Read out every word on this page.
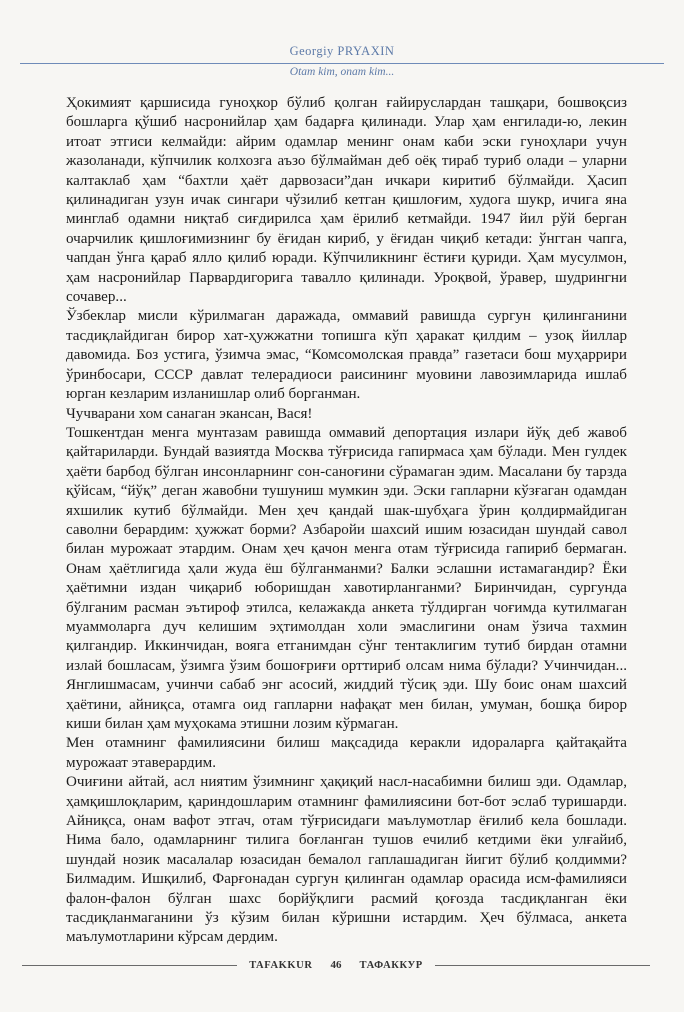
Georgiy PRYAXIN
Otam kim, onam kim...

Ҳокимият қаршисида гуноҳкор бўлиб қолган ғайируслардан ташқари, бошвоқсиз бошларга қўшиб насронийлар ҳам бадарға қилинади. Улар ҳам енгилади-ю, лекин итоат этгиси келмайди: айрим одамлар менинг онам каби эски гуноҳлари учун жазоланади, кўпчилик колхозга аъзо бўлмайман деб оёқ тираб туриб олади – уларни калтаклаб ҳам “бахтли ҳаёт дарвозаси”дан ичкари киритиб бўлмайди. Ҳасип қилинадиган узун ичак сингари чўзилиб кетган қишлоғим, худога шукр, ичига яна минглаб одамни ниқтаб сиғдирилса ҳам ёрилиб кетмайди. 1947 йил рўй берган очарчилик қишлоғимизнинг бу ёғидан кириб, у ёғидан чиқиб кетади: ўнгган чапга, чапдан ўнга қараб ялло қилиб юради. Кўпчиликнинг ёстиғи қуриди. Ҳам мусулмон, ҳам насронийлар Парвардигорига таваллo қилинади. Уроқвой, ўравер, шудрингни сочавер...

Ўзбеклар мисли кўрилмаган даражада, оммавий равишда сургун қилинганини тасдиқлайдиган бирор хат-ҳужжатни топишга кўп ҳаракат қилдим – узоқ йиллар давомида. Боз устига, ўзимча эмас, “Комсомолская правда” газетаси бош муҳаррири ўринбосари, СССР давлат телерадиоси раисининг муовини лавозимларида ишлаб юрган кезларим изланишлар олиб борганман.

Чучварани хом санаган экансан, Вася!

Тошкентдан менга мунтазам равишда оммавий депортация излари йўқ деб жавоб қайтариларди. Бундай вазиятда Москва тўғрисида гапирмаса ҳам бўлади. Мен гулдек ҳаёти барбод бўлган инсонларнинг сон-саноғини сўрамаган эдим. Масалани бу тарзда қўйсам, “йўқ” деган жавобни тушуниш мумкин эди. Эски гапларни кўзғаган одамдан яхшилик кутиб бўлмайди. Мен ҳеч қандай шак-шубҳага ўрин қолдирмайдиган саволни берардим: ҳужжат борми? Азбаройи шахсий ишим юзасидан шундай савол билан мурожаат этардим. Онам ҳеч қачон менга отам тўғрисида гапириб бермаган. Онам ҳаётлигида ҳали жуда ёш бўлганманми? Балки эслашни истамагандир? Ёки ҳаётимни издан чиқариб юборишдан хавотирланганми? Биринчидан, сургунда бўлганим расман эътироф этилса, келажакда анкета тўлдирган чоғимда кутилмаган муаммоларга дуч келишим эҳтимолдан холи эмаслигини онам ўзича тахмин қилгандир. Иккинчидан, вояга етганимдан сўнг тентаклигим тутиб бирдан отамни излай бошласам, ўзимга ўзим бошоғриғи орттириб олсам нима бўлади? Учинчидан... Янглишмасам, учинчи сабаб энг асосий, жиддий тўсиқ эди. Шу боис онам шахсий ҳаётини, айниқса, отамга оид гапларни нафақат мен билан, умуман, бошқа бирор киши билан ҳам муҳокама этишни лозим кўрмаган.

Мен отамнинг фамилиясини билиш мақсадида керакли идораларга қайтақайта мурожаат этаверардим.

Очиғини айтай, асл ниятим ўзимнинг ҳақиқий насл-насабимни билиш эди. Одамлар, ҳамқишлоқларим, қариндошларим отамнинг фамилиясини бот-бот эслаб туришарди. Айниқса, онам вафот этгач, отам тўғрисидаги маълумотлар ёғилиб кела бошлади. Нима бало, одамларнинг тилига боғланган тушов ечилиб кетдими ёки улғайиб, шундай нозик масалалар юзасидан бемалол гаплашадиган йигит бўлиб қолдимми? Билмадим. Ишқилиб, Фарғонадан сургун қилинган одамлар орасида исм-фамилияси фалон-фалон бўлган шахс борйўқлиги расмий қоғозда тасдиқланган ёки тасдиқланмаганини ўз кўзим билан кўришни истардим. Ҳеч бўлмаса, анкета маълумотларини кўрсам дердим.

TAFAKKUR 46 ТАФАККУР
